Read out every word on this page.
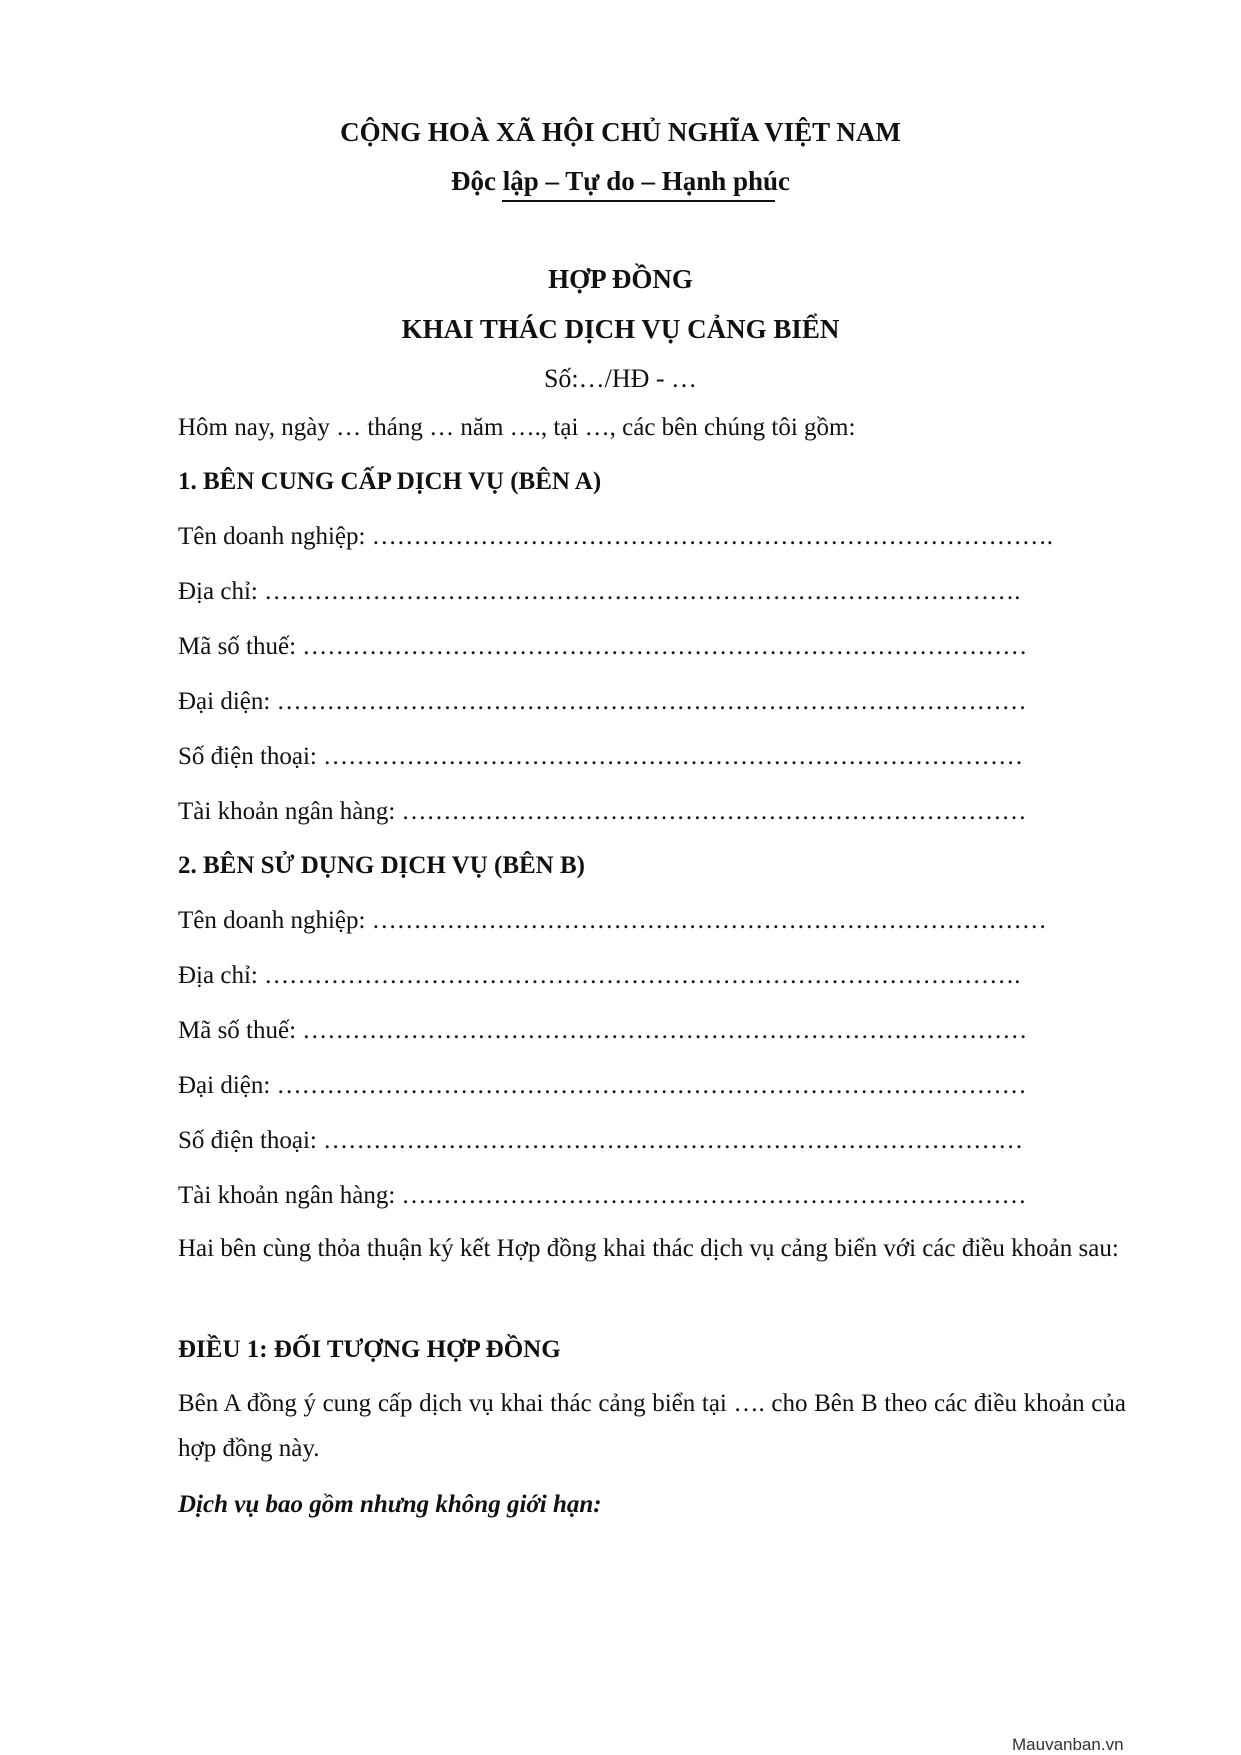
CỘNG HOÀ XÃ HỘI CHỦ NGHĨA VIỆT NAM
Độc lập – Tự do – Hạnh phúc
HỢP ĐỒNG
KHAI THÁC DỊCH VỤ CẢNG BIỂN
Số:…/HĐ - …
Hôm nay, ngày … tháng … năm …., tại …, các bên chúng tôi gồm:
1. BÊN CUNG CẤP DỊCH VỤ (BÊN A)
Tên doanh nghiệp: ……………………………………………………………………….
Địa chỉ: ……………………………………………………………………………….
Mã số thuế: ……………………………………………………………………………
Đại diện: ………………………………………………………………………………
Số điện thoại: …………………………………………………………………………
Tài khoản ngân hàng: …………………………………………………………………
2. BÊN SỬ DỤNG DỊCH VỤ (BÊN B)
Tên doanh nghiệp: ………………………………………………………………………
Địa chỉ: ……………………………………………………………………………….
Mã số thuế: ……………………………………………………………………………
Đại diện: ………………………………………………………………………………
Số điện thoại: …………………………………………………………………………
Tài khoản ngân hàng: …………………………………………………………………
Hai bên cùng thỏa thuận ký kết Hợp đồng khai thác dịch vụ cảng biển với các điều khoản sau:
ĐIỀU 1: ĐỐI TƯỢNG HỢP ĐỒNG
Bên A đồng ý cung cấp dịch vụ khai thác cảng biển tại …. cho Bên B theo các điều khoản của hợp đồng này.
Dịch vụ bao gồm nhưng không giới hạn:
Mauvanban.vn
